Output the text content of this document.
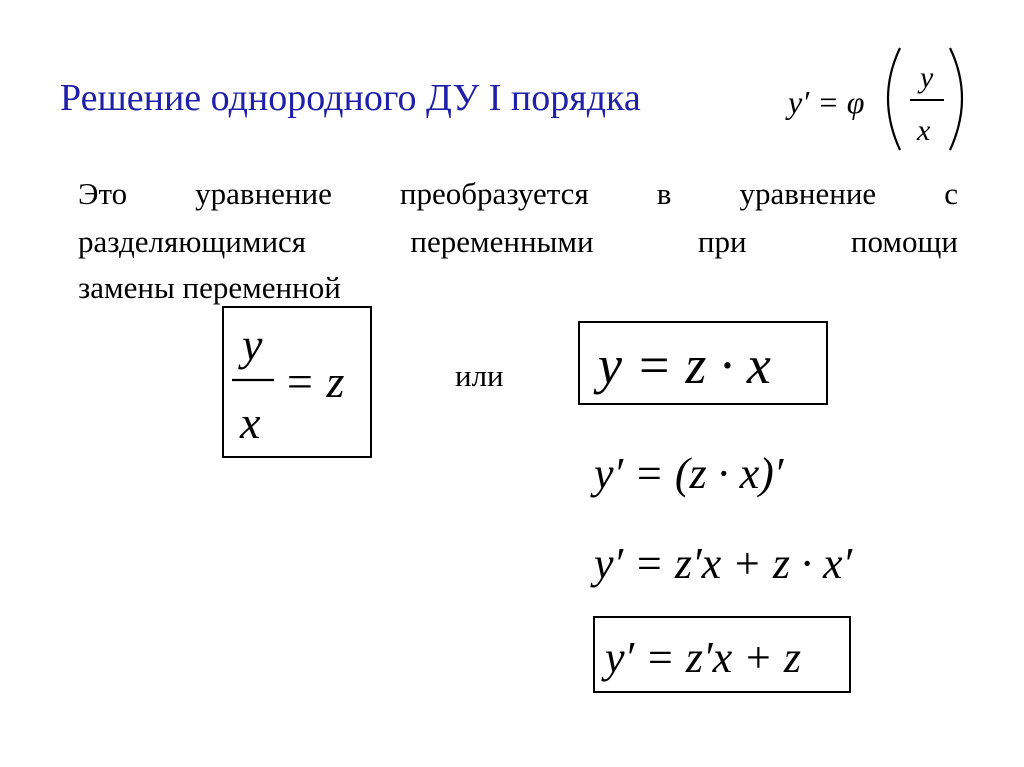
Решение однородного ДУ I порядка
Это уравнение преобразуется в уравнение с
разделяющимися переменными при помощи
замены переменной
или
y′ = φ
y
x
y
x
= z	y = z · x
y′ = (z · x)′
y′ = z′x + z · x′
y′ = z′x + z
